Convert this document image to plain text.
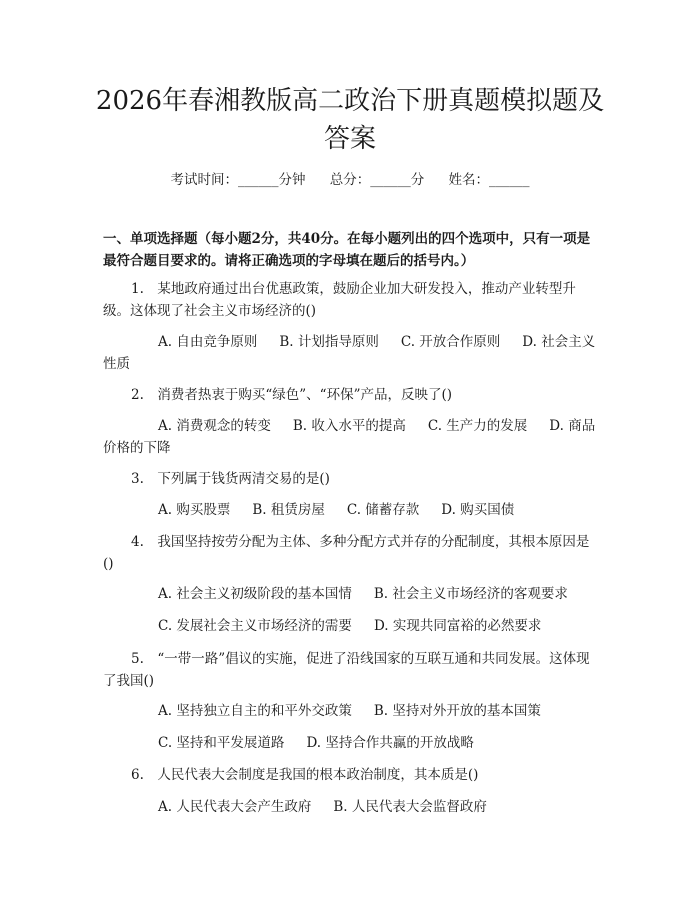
2026年春湘教版高二政治下册真题模拟题及答案
考试时间：______分钟 总分：______分 姓名：______

一、单项选择题（每小题2分，共40分。在每小题列出的四个选项中，只有一项是最符合题目要求的。请将正确选项的字母填在题后的括号内。）

1.　某地政府通过出台优惠政策，鼓励企业加大研发投入，推动产业转型升级。这体现了社会主义市场经济的()

A. 自由竞争原则 B. 计划指导原则 C. 开放合作原则 D. 社会主义性质

2.　消费者热衷于购买“绿色”、“环保”产品，反映了()

A. 消费观念的转变 B. 收入水平的提高 C. 生产力的发展 D. 商品价格的下降

3.　下列属于钱货两清交易的是()

A. 购买股票 B. 租赁房屋 C. 储蓄存款 D. 购买国债

4.　我国坚持按劳分配为主体、多种分配方式并存的分配制度，其根本原因是()

A. 社会主义初级阶段的基本国情 B. 社会主义市场经济的客观要求

C. 发展社会主义市场经济的需要 D. 实现共同富裕的必然要求

5.　“一带一路”倡议的实施，促进了沿线国家的互联互通和共同发展。这体现了我国()

A. 坚持独立自主的和平外交政策 B. 坚持对外开放的基本国策

C. 坚持和平发展道路 D. 坚持合作共赢的开放战略

6.　人民代表大会制度是我国的根本政治制度，其本质是()

A. 人民代表大会产生政府 B. 人民代表大会监督政府
